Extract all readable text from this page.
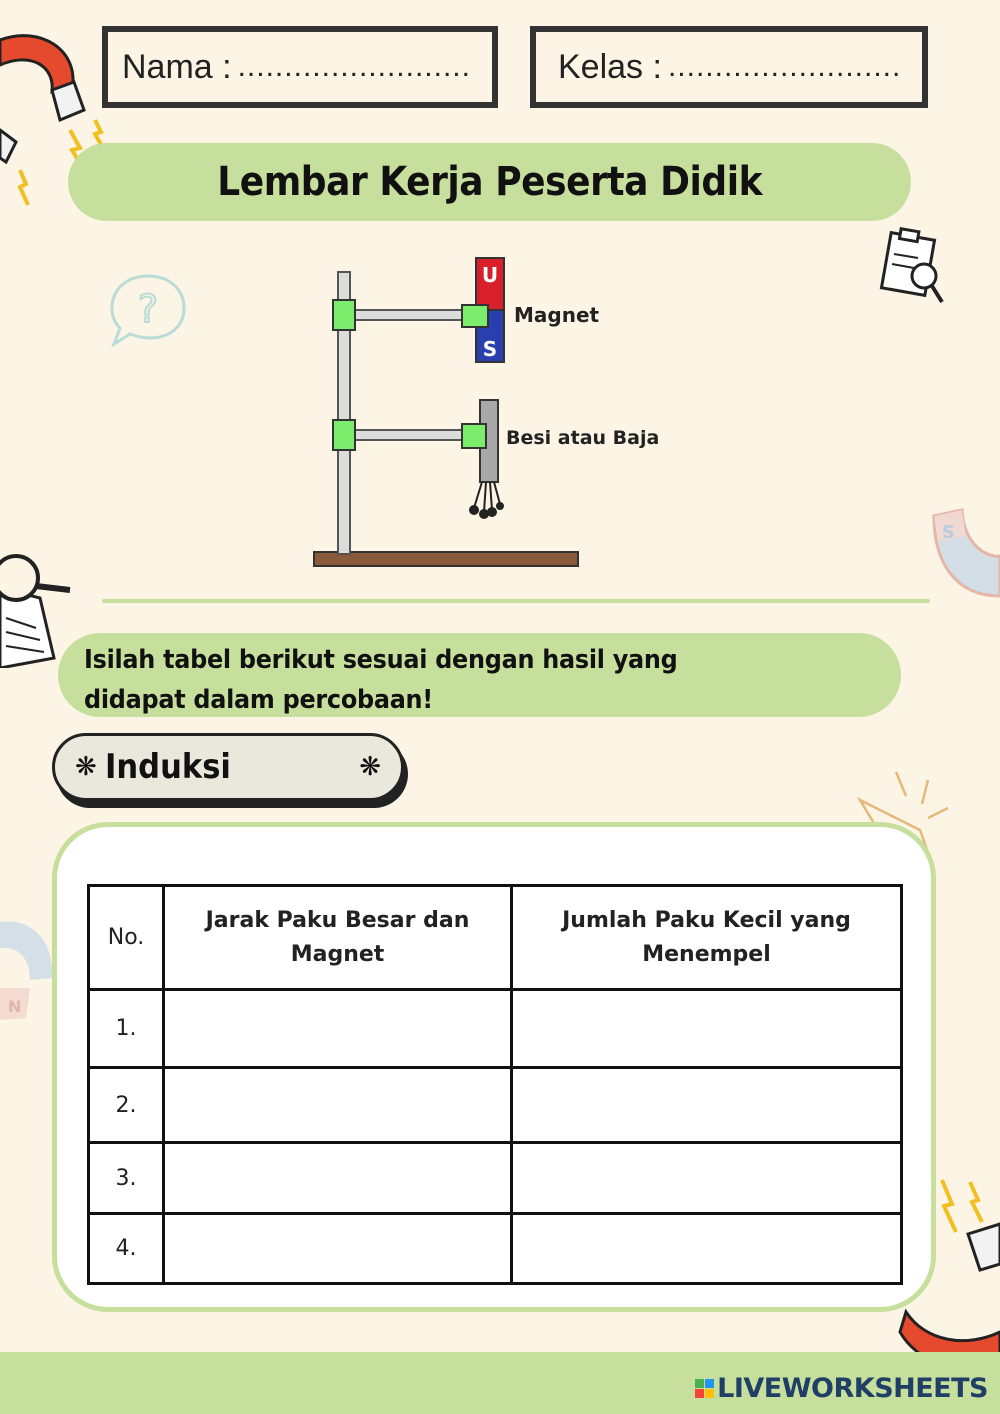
Nama :
...........................	Kelas :
...........................
Lembar Kerja Peserta Didik
?
S
N
U
S
Magnet
Besi atau Baja
Isilah tabel berikut sesuai dengan hasil yang didapat dalam percobaan!
❋ Induksi	❋
No.	Jarak Paku Besar dan Magnet	Jumlah Paku Kecil yang Menempel
1.		
2.		
3.		
4.		
LIVEWORKSHEETS
